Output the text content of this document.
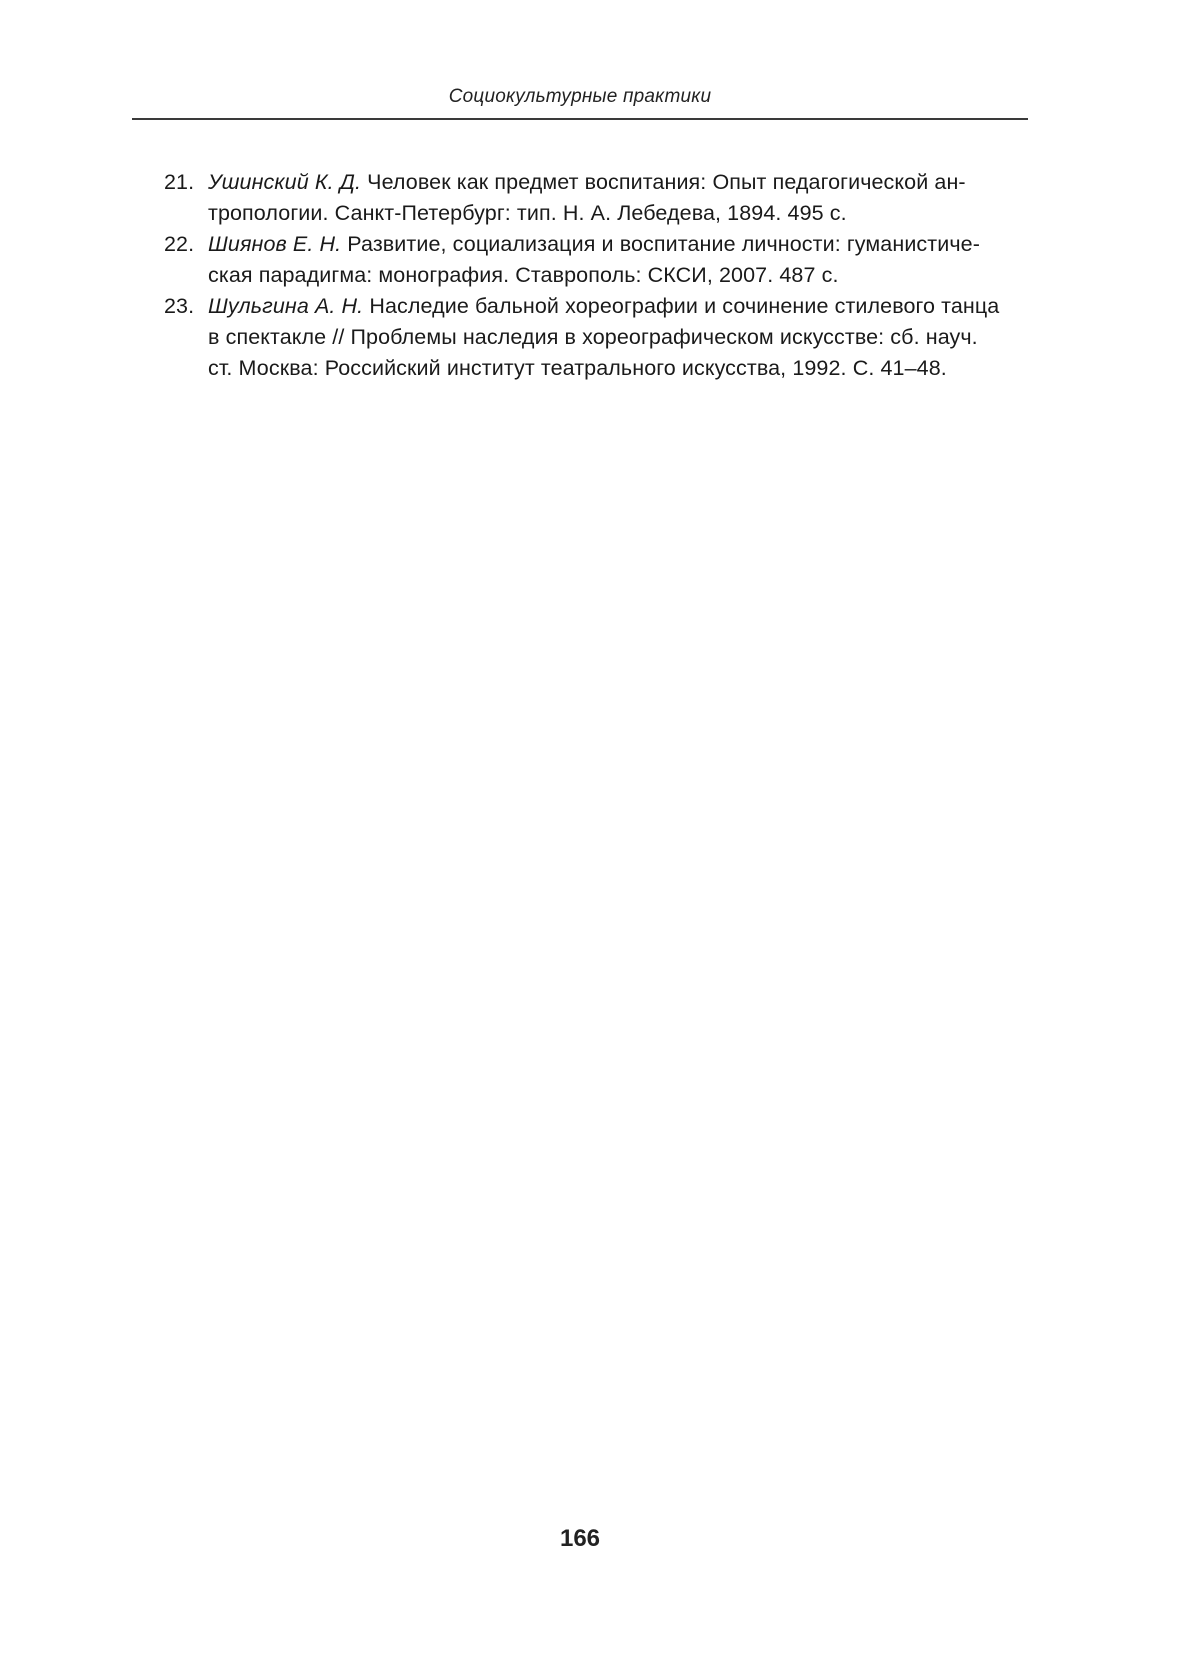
Социокультурные практики
21. Ушинский К. Д. Человек как предмет воспитания: Опыт педагогической ан-
тропологии. Санкт-Петербург: тип. Н. А. Лебедева, 1894. 495 с.
22. Шиянов Е. Н. Развитие, социализация и воспитание личности: гуманистиче-
ская парадигма: монография. Ставрополь: СКСИ, 2007. 487 с.
23. Шульгина А. Н. Наследие бальной хореографии и сочинение стилевого танца
в спектакле // Проблемы наследия в хореографическом искусстве: сб. науч.
ст. Москва: Российский институт театрального искусства, 1992. С. 41–48.
166
